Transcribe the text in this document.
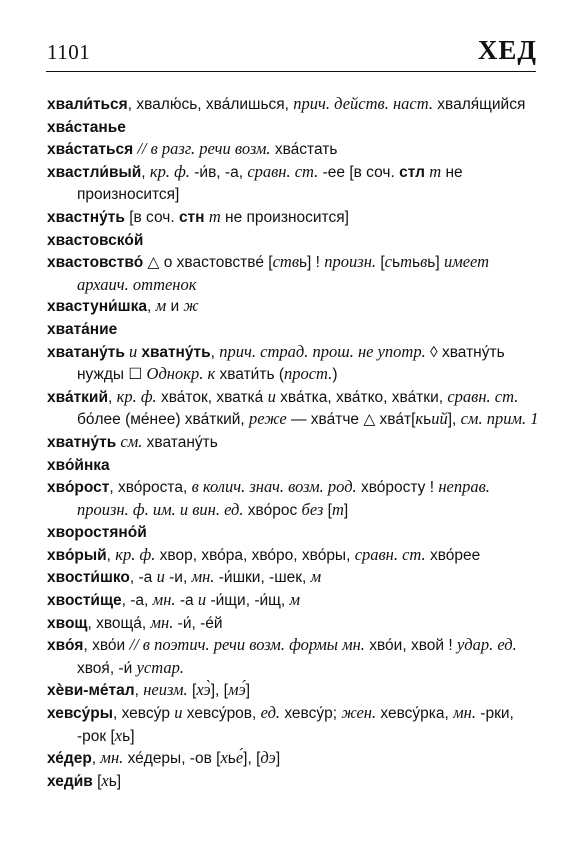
1101	ХЕД

хвали́ться, хвалю́сь, хва́лишься, прич. действ. наст. хваля́щийся

хва́станье

хва́статься // в разг. речи возм. хва́стать

хвастли́вый, кр. ф. -и́в, -а, сравн. ст. -ее [в соч. стл т не произносится]

хвастну́ть [в соч. стн т не произносится]

хвастовско́й

хвастовство́ △ о хвастовстве́ [ствь] ! произн. [сьтьвь] имеет архаич. оттенок

хвастуни́шка, м и ж

хвата́ние

хватану́ть и хватну́ть, прич. страд. прош. не употр. ◊ хватну́ть нужды ☐ Однокр. к хвати́ть (прост.)

хва́ткий, кр. ф. хва́ток, хватка́ и хва́тка, хва́тко, хва́тки, сравн. ст. бо́лее (ме́нее) хва́ткий, реже — хва́тче △ хва́т[кьий], см. прим. 1

хватну́ть см. хватану́ть

хво́йнка

хво́рост, хво́роста, в колич. знач. возм. род. хво́росту ! неправ. произн. ф. им. и вин. ед. хво́рос без [т]

хворостяно́й

хво́рый, кр. ф. хвор, хво́ра, хво́ро, хво́ры, сравн. ст. хво́рее

хвости́шко, -а и -и, мн. -и́шки, -шек, м

хвости́ще, -а, мн. -а и -и́щи, -и́щ, м

хвощ, хвоща́, мн. -и́, -е́й

хво́я, хво́и // в поэтич. речи возм. формы мн. хво́и, хвой ! удар. ед. хвоя́, -и́ устар.

хѐви-ме́тал, неизм. [хэ̀], [мэ́]

хевсу́ры, хевсу́р и хевсу́ров, ед. хевсу́р; жен. хевсу́рка, мн. -рки, -рок [хь]

хе́дер, мн. хе́деры, -ов [хье́], [дэ]

хеди́в [хь]
